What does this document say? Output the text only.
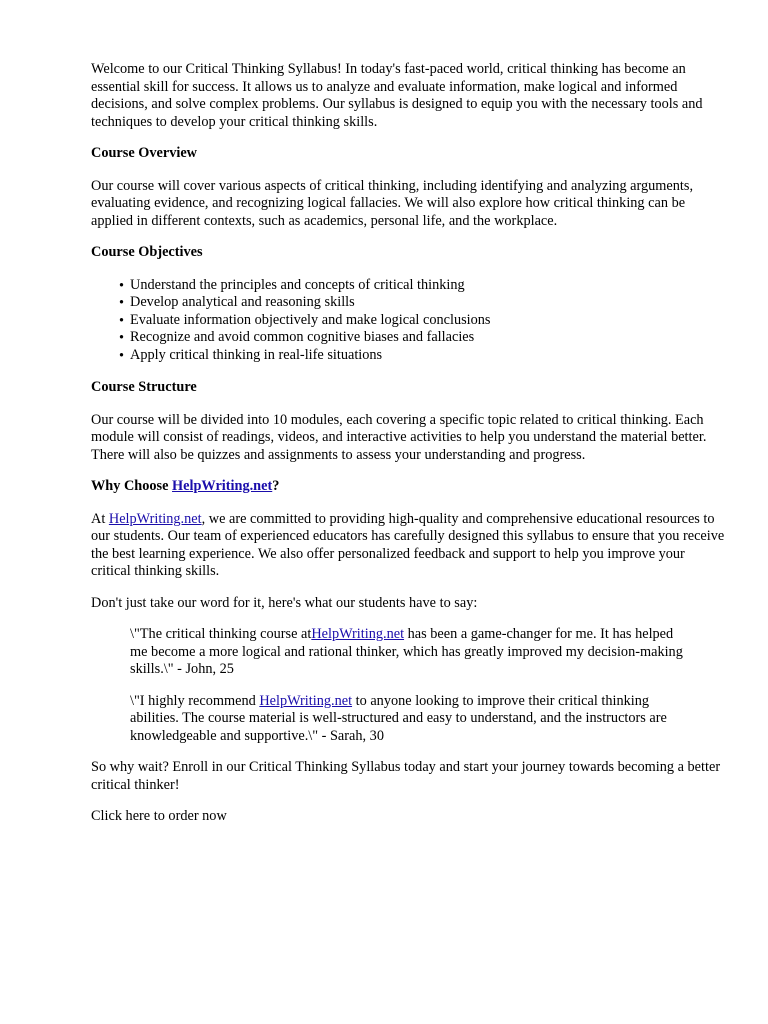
Welcome to our Critical Thinking Syllabus! In today's fast-paced world, critical thinking has become an essential skill for success. It allows us to analyze and evaluate information, make logical and informed decisions, and solve complex problems. Our syllabus is designed to equip you with the necessary tools and techniques to develop your critical thinking skills.

Course Overview

Our course will cover various aspects of critical thinking, including identifying and analyzing arguments, evaluating evidence, and recognizing logical fallacies. We will also explore how critical thinking can be applied in different contexts, such as academics, personal life, and the workplace.

Course Objectives

• Understand the principles and concepts of critical thinking
• Develop analytical and reasoning skills
• Evaluate information objectively and make logical conclusions
• Recognize and avoid common cognitive biases and fallacies
• Apply critical thinking in real-life situations

Course Structure

Our course will be divided into 10 modules, each covering a specific topic related to critical thinking. Each module will consist of readings, videos, and interactive activities to help you understand the material better. There will also be quizzes and assignments to assess your understanding and progress.

Why Choose HelpWriting.net?

At HelpWriting.net, we are committed to providing high-quality and comprehensive educational resources to our students. Our team of experienced educators has carefully designed this syllabus to ensure that you receive the best learning experience. We also offer personalized feedback and support to help you improve your critical thinking skills.

Don't just take our word for it, here's what our students have to say:

\"The critical thinking course atHelpWriting.net has been a game-changer for me. It has helped me become a more logical and rational thinker, which has greatly improved my decision-making skills.\" - John, 25

\"I highly recommend HelpWriting.net to anyone looking to improve their critical thinking abilities. The course material is well-structured and easy to understand, and the instructors are knowledgeable and supportive.\" - Sarah, 30

So why wait? Enroll in our Critical Thinking Syllabus today and start your journey towards becoming a better critical thinker!

Click here to order now
